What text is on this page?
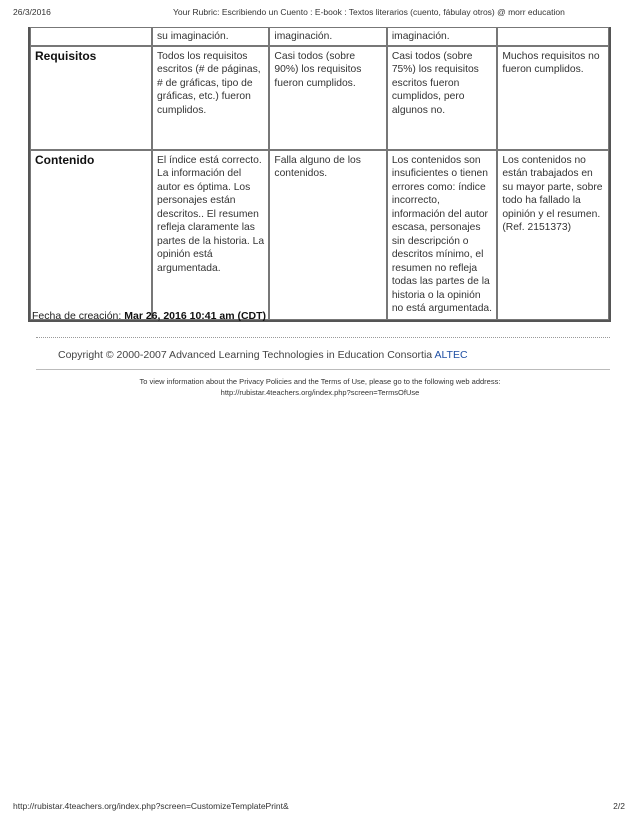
26/3/2016	Your Rubric: Escribiendo un Cuento : E-book : Textos literarios (cuento, fábulay otros) @ morr education
	su imaginación.	imaginación.	imaginación.	
Requisitos	Todos los requisitos escritos (# de páginas, # de gráficas, tipo de gráficas, etc.) fueron cumplidos.	Casi todos (sobre 90%) los requisitos fueron cumplidos.	Casi todos (sobre 75%) los requisitos escritos fueron cumplidos, pero algunos no.	Muchos requisitos no fueron cumplidos.
Contenido	El índice está correcto. La información del autor es óptima. Los personajes están descritos.. El resumen refleja claramente las partes de la historia. La opinión está argumentada.	Falla alguno de los contenidos.	Los contenidos son insuficientes o tienen errores como: índice incorrecto, información del autor escasa, personajes sin descripción o descritos mínimo, el resumen no refleja todas las partes de la historia o la opinión no está argumentada.	Los contenidos no están trabajados en su mayor parte, sobre todo ha fallado la opinión y el resumen. (Ref. 2151373)
Fecha de creación: Mar 26, 2016 10:41 am (CDT)
Copyright © 2000-2007 Advanced Learning Technologies in Education Consortia ALTEC
To view information about the Privacy Policies and the Terms of Use, please go to the following web address:
http://rubistar.4teachers.org/index.php?screen=TermsOfUse
http://rubistar.4teachers.org/index.php?screen=CustomizeTemplatePrint&	2/2
